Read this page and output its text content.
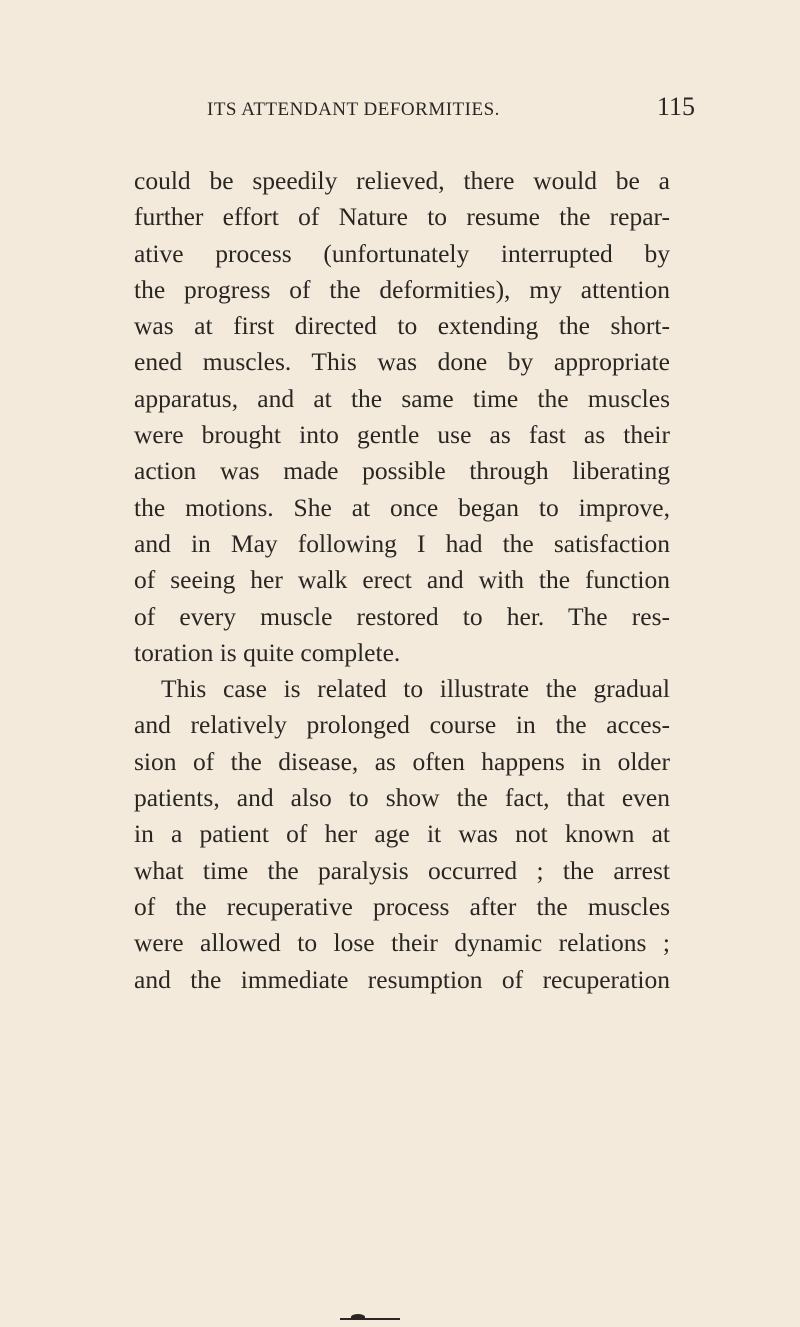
ITS ATTENDANT DEFORMITIES.	115
could be speedily relieved, there would be a
further effort of Nature to resume the repar-
ative process (unfortunately interrupted by
the progress of the deformities), my attention
was at first directed to extending the short-
ened muscles. This was done by appropriate
apparatus, and at the same time the muscles
were brought into gentle use as fast as their
action was made possible through liberating
the motions. She at once began to improve,
and in May following I had the satisfaction
of seeing her walk erect and with the function
of every muscle restored to her. The res-
toration is quite complete.
This case is related to illustrate the gradual
and relatively prolonged course in the acces-
sion of the disease, as often happens in older
patients, and also to show the fact, that even
in a patient of her age it was not known at
what time the paralysis occurred ; the arrest
of the recuperative process after the muscles
were allowed to lose their dynamic relations ;
and the immediate resumption of recuperation
